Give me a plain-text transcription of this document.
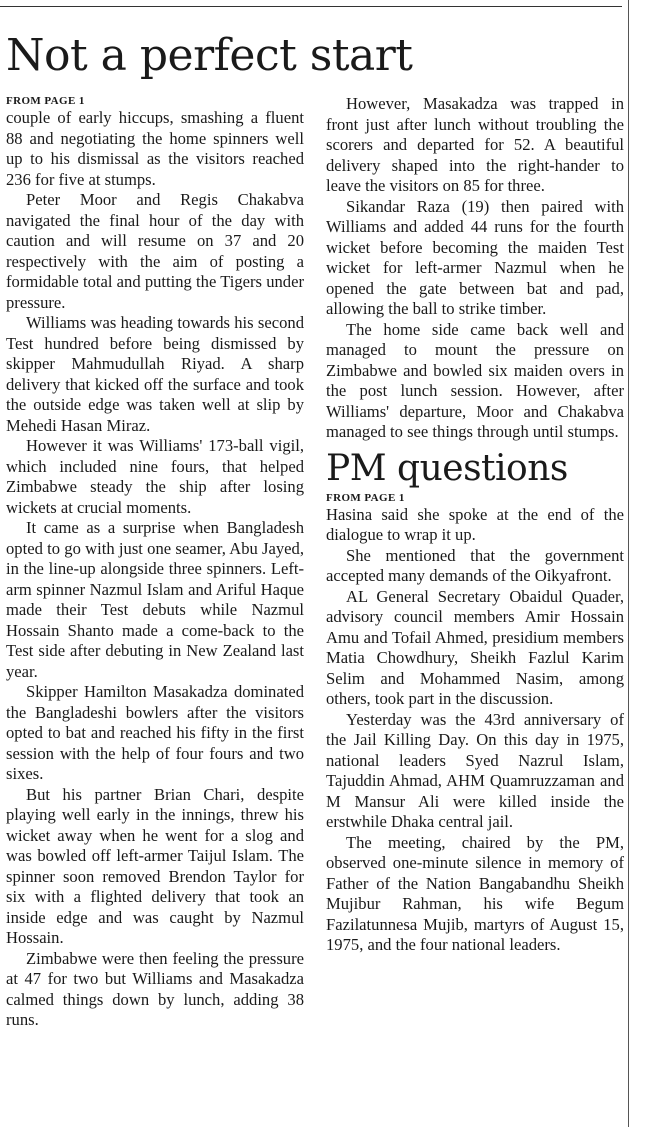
Not a perfect start
FROM PAGE 1

couple of early hiccups, smashing a fluent 88 and negotiating the home spinners well up to his dismissal as the visitors reached 236 for five at stumps.

Peter Moor and Regis Chakabva navigated the final hour of the day with caution and will resume on 37 and 20 respectively with the aim of posting a formidable total and putting the Tigers under pressure.

Williams was heading towards his second Test hundred before being dismissed by skipper Mahmudullah Riyad. A sharp delivery that kicked off the surface and took the outside edge was taken well at slip by Mehedi Hasan Miraz.

However it was Williams' 173-ball vigil, which included nine fours, that helped Zimbabwe steady the ship after losing wickets at crucial moments.

It came as a surprise when Bangladesh opted to go with just one seamer, Abu Jayed, in the line-up alongside three spinners. Left-arm spinner Nazmul Islam and Ariful Haque made their Test debuts while Nazmul Hossain Shanto made a come-back to the Test side after debuting in New Zealand last year.

Skipper Hamilton Masakadza dominated the Bangladeshi bowlers after the visitors opted to bat and reached his fifty in the first session with the help of four fours and two sixes.

But his partner Brian Chari, despite playing well early in the innings, threw his wicket away when he went for a slog and was bowled off left-armer Taijul Islam. The spinner soon removed Brendon Taylor for six with a flighted delivery that took an inside edge and was caught by Nazmul Hossain.

Zimbabwe were then feeling the pressure at 47 for two but Williams and Masakadza calmed things down by lunch, adding 38 runs.

However, Masakadza was trapped in front just after lunch without troubling the scorers and departed for 52. A beautiful delivery shaped into the right-hander to leave the visitors on 85 for three.

Sikandar Raza (19) then paired with Williams and added 44 runs for the fourth wicket before becoming the maiden Test wicket for left-armer Nazmul when he opened the gate between bat and pad, allowing the ball to strike timber.

The home side came back well and managed to mount the pressure on Zimbabwe and bowled six maiden overs in the post lunch session. However, after Williams' departure, Moor and Chakabva managed to see things through until stumps.

PM questions
FROM PAGE 1

Hasina said she spoke at the end of the dialogue to wrap it up.

She mentioned that the government accepted many demands of the Oikyafront.

AL General Secretary Obaidul Quader, advisory council members Amir Hossain Amu and Tofail Ahmed, presidium members Matia Chowdhury, Sheikh Fazlul Karim Selim and Mohammed Nasim, among others, took part in the discussion.

Yesterday was the 43rd anniversary of the Jail Killing Day. On this day in 1975, national leaders Syed Nazrul Islam, Tajuddin Ahmad, AHM Quamruzzaman and M Mansur Ali were killed inside the erstwhile Dhaka central jail.

The meeting, chaired by the PM, observed one-minute silence in memory of Father of the Nation Bangabandhu Sheikh Mujibur Rahman, his wife Begum Fazilatunnesa Mujib, martyrs of August 15, 1975, and the four national leaders.
